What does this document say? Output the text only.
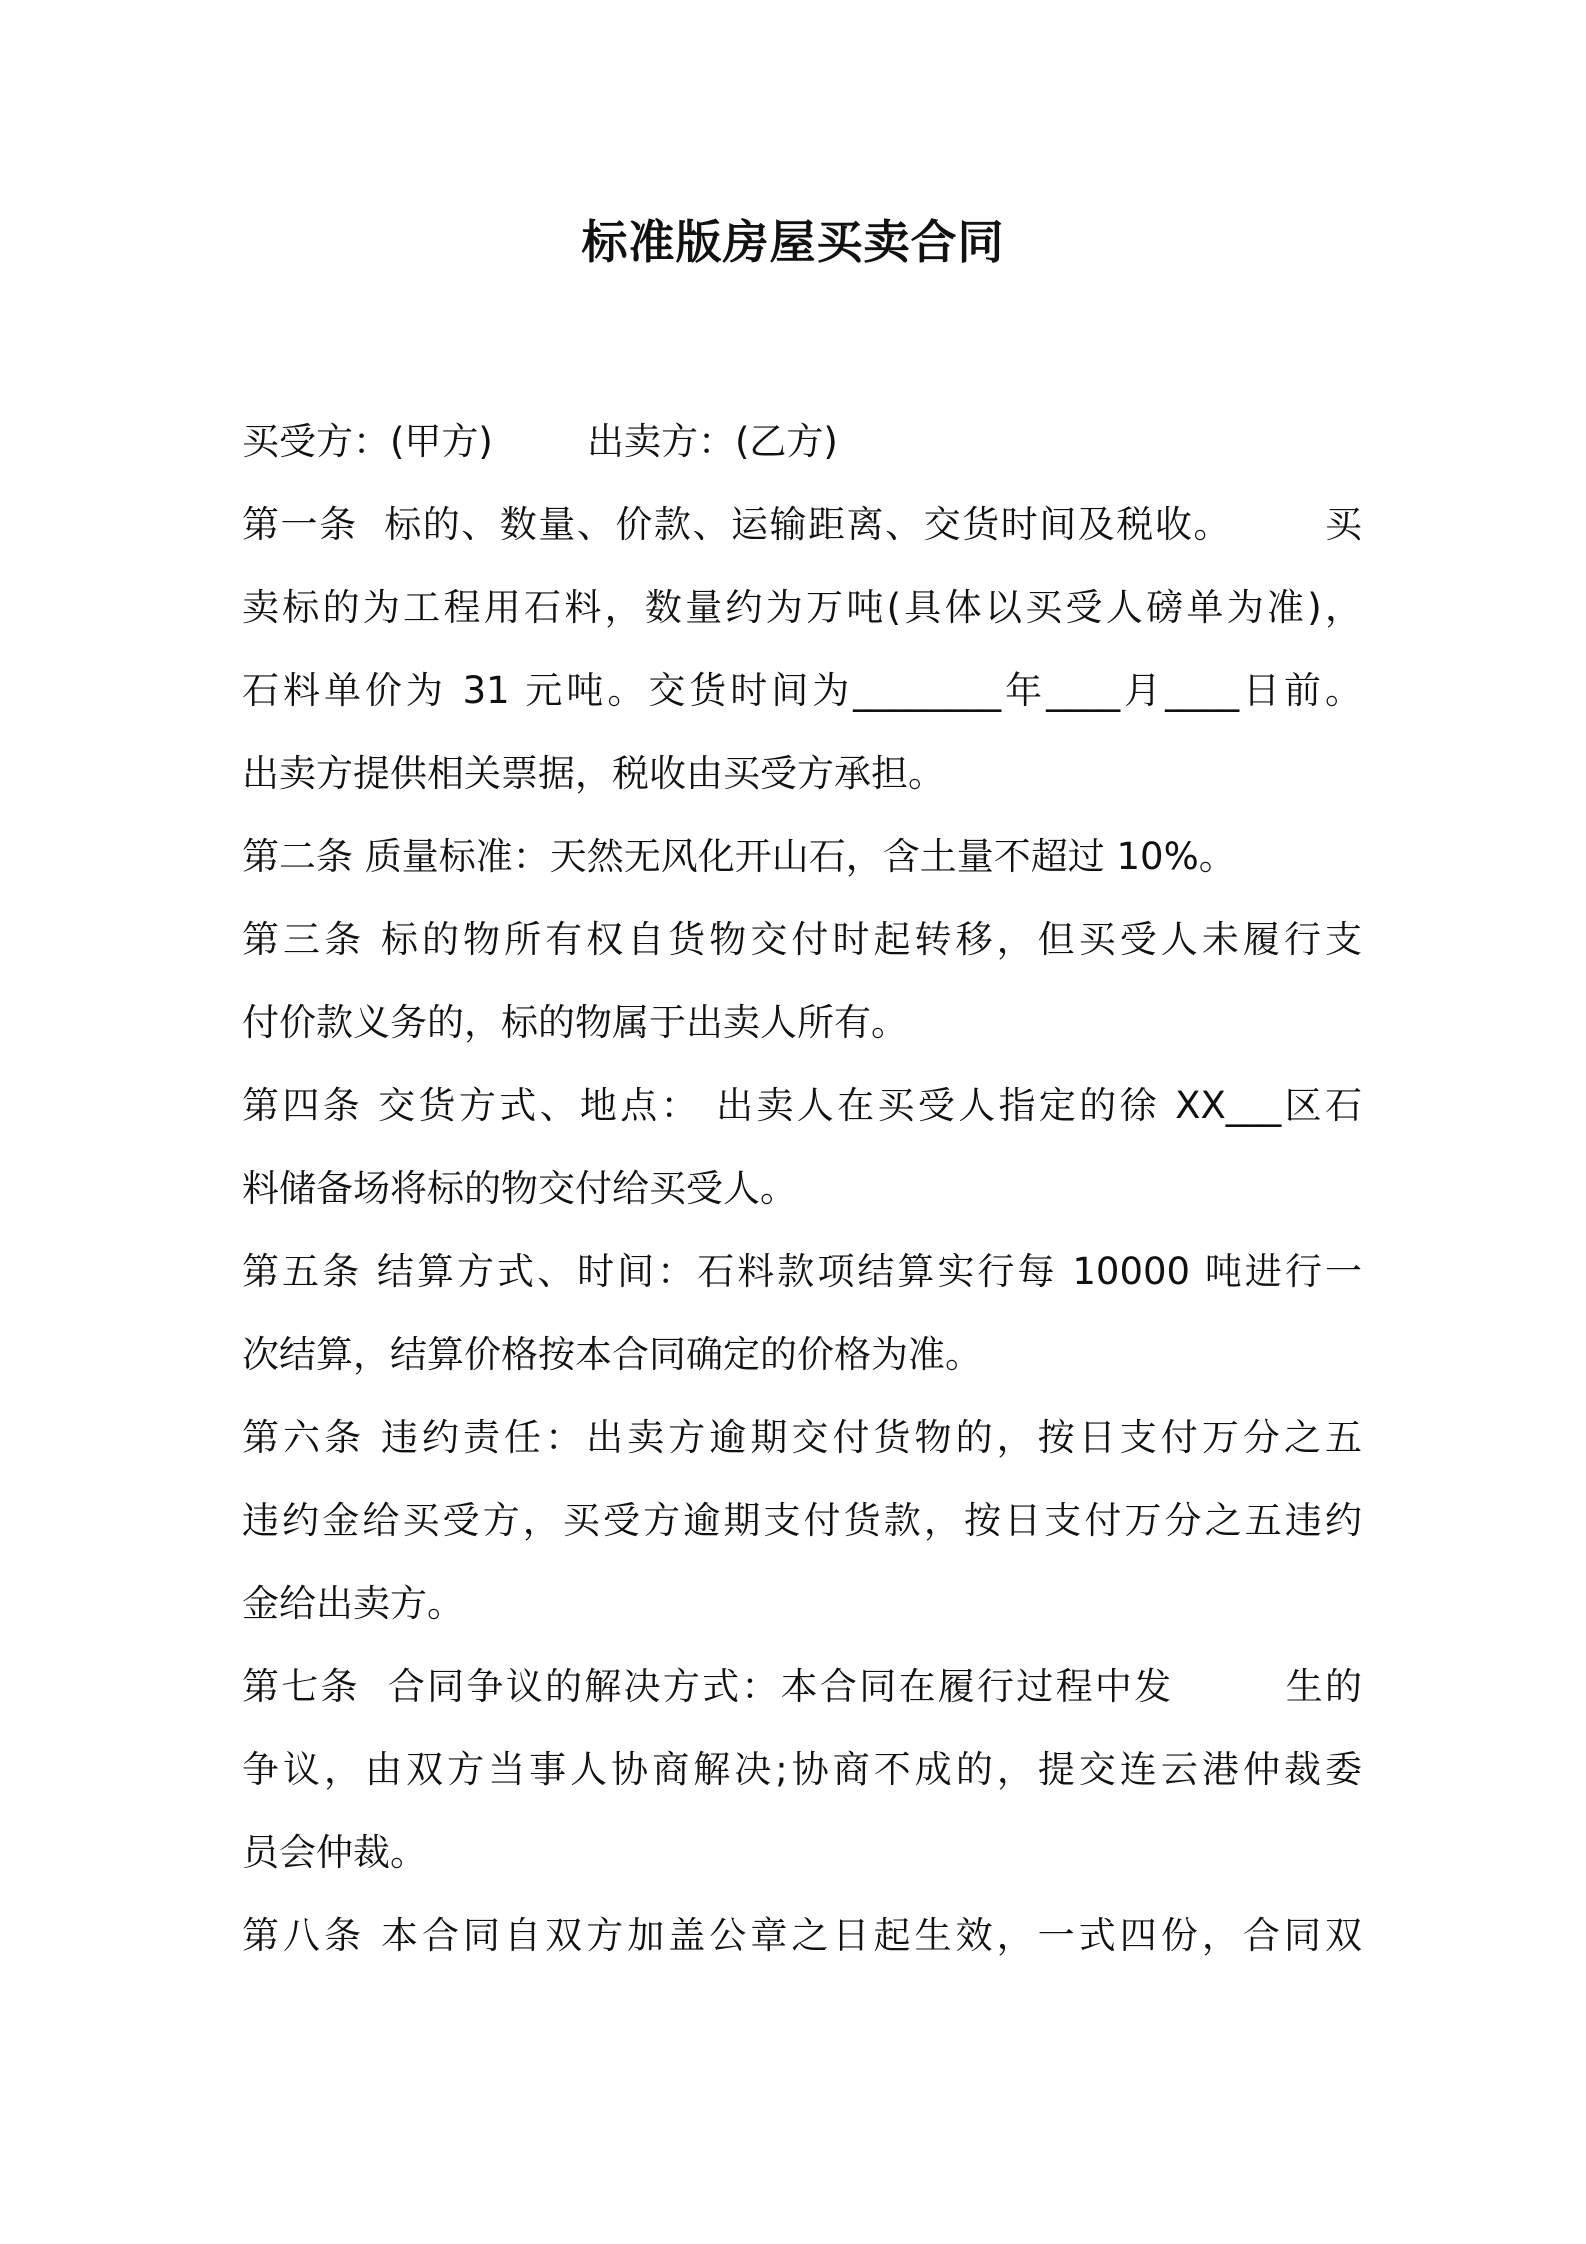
标准版房屋买卖合同
买受方：(甲方)        出卖方：(乙方)
第一条  标的、数量、价款、运输距离、交货时间及税收。       买
卖标的为工程用石料，数量约为万吨(具体以买受人磅单为准)，
石料单价为 31 元吨。交货时间为________年____月____日前。
出卖方提供相关票据，税收由买受方承担。
第二条 质量标准：天然无风化开山石，含土量不超过 10%。
第三条 标的物所有权自货物交付时起转移，但买受人未履行支
付价款义务的，标的物属于出卖人所有。
第四条 交货方式、地点： 出卖人在买受人指定的徐 XX___区石
料储备场将标的物交付给买受人。
第五条 结算方式、时间：石料款项结算实行每 10000 吨进行一
次结算，结算价格按本合同确定的价格为准。
第六条 违约责任：出卖方逾期交付货物的，按日支付万分之五
违约金给买受方，买受方逾期支付货款，按日支付万分之五违约
金给出卖方。
第七条  合同争议的解决方式：本合同在履行过程中发        生的
争议，由双方当事人协商解决;协商不成的，提交连云港仲裁委
员会仲裁。
第八条 本合同自双方加盖公章之日起生效，一式四份，合同双
